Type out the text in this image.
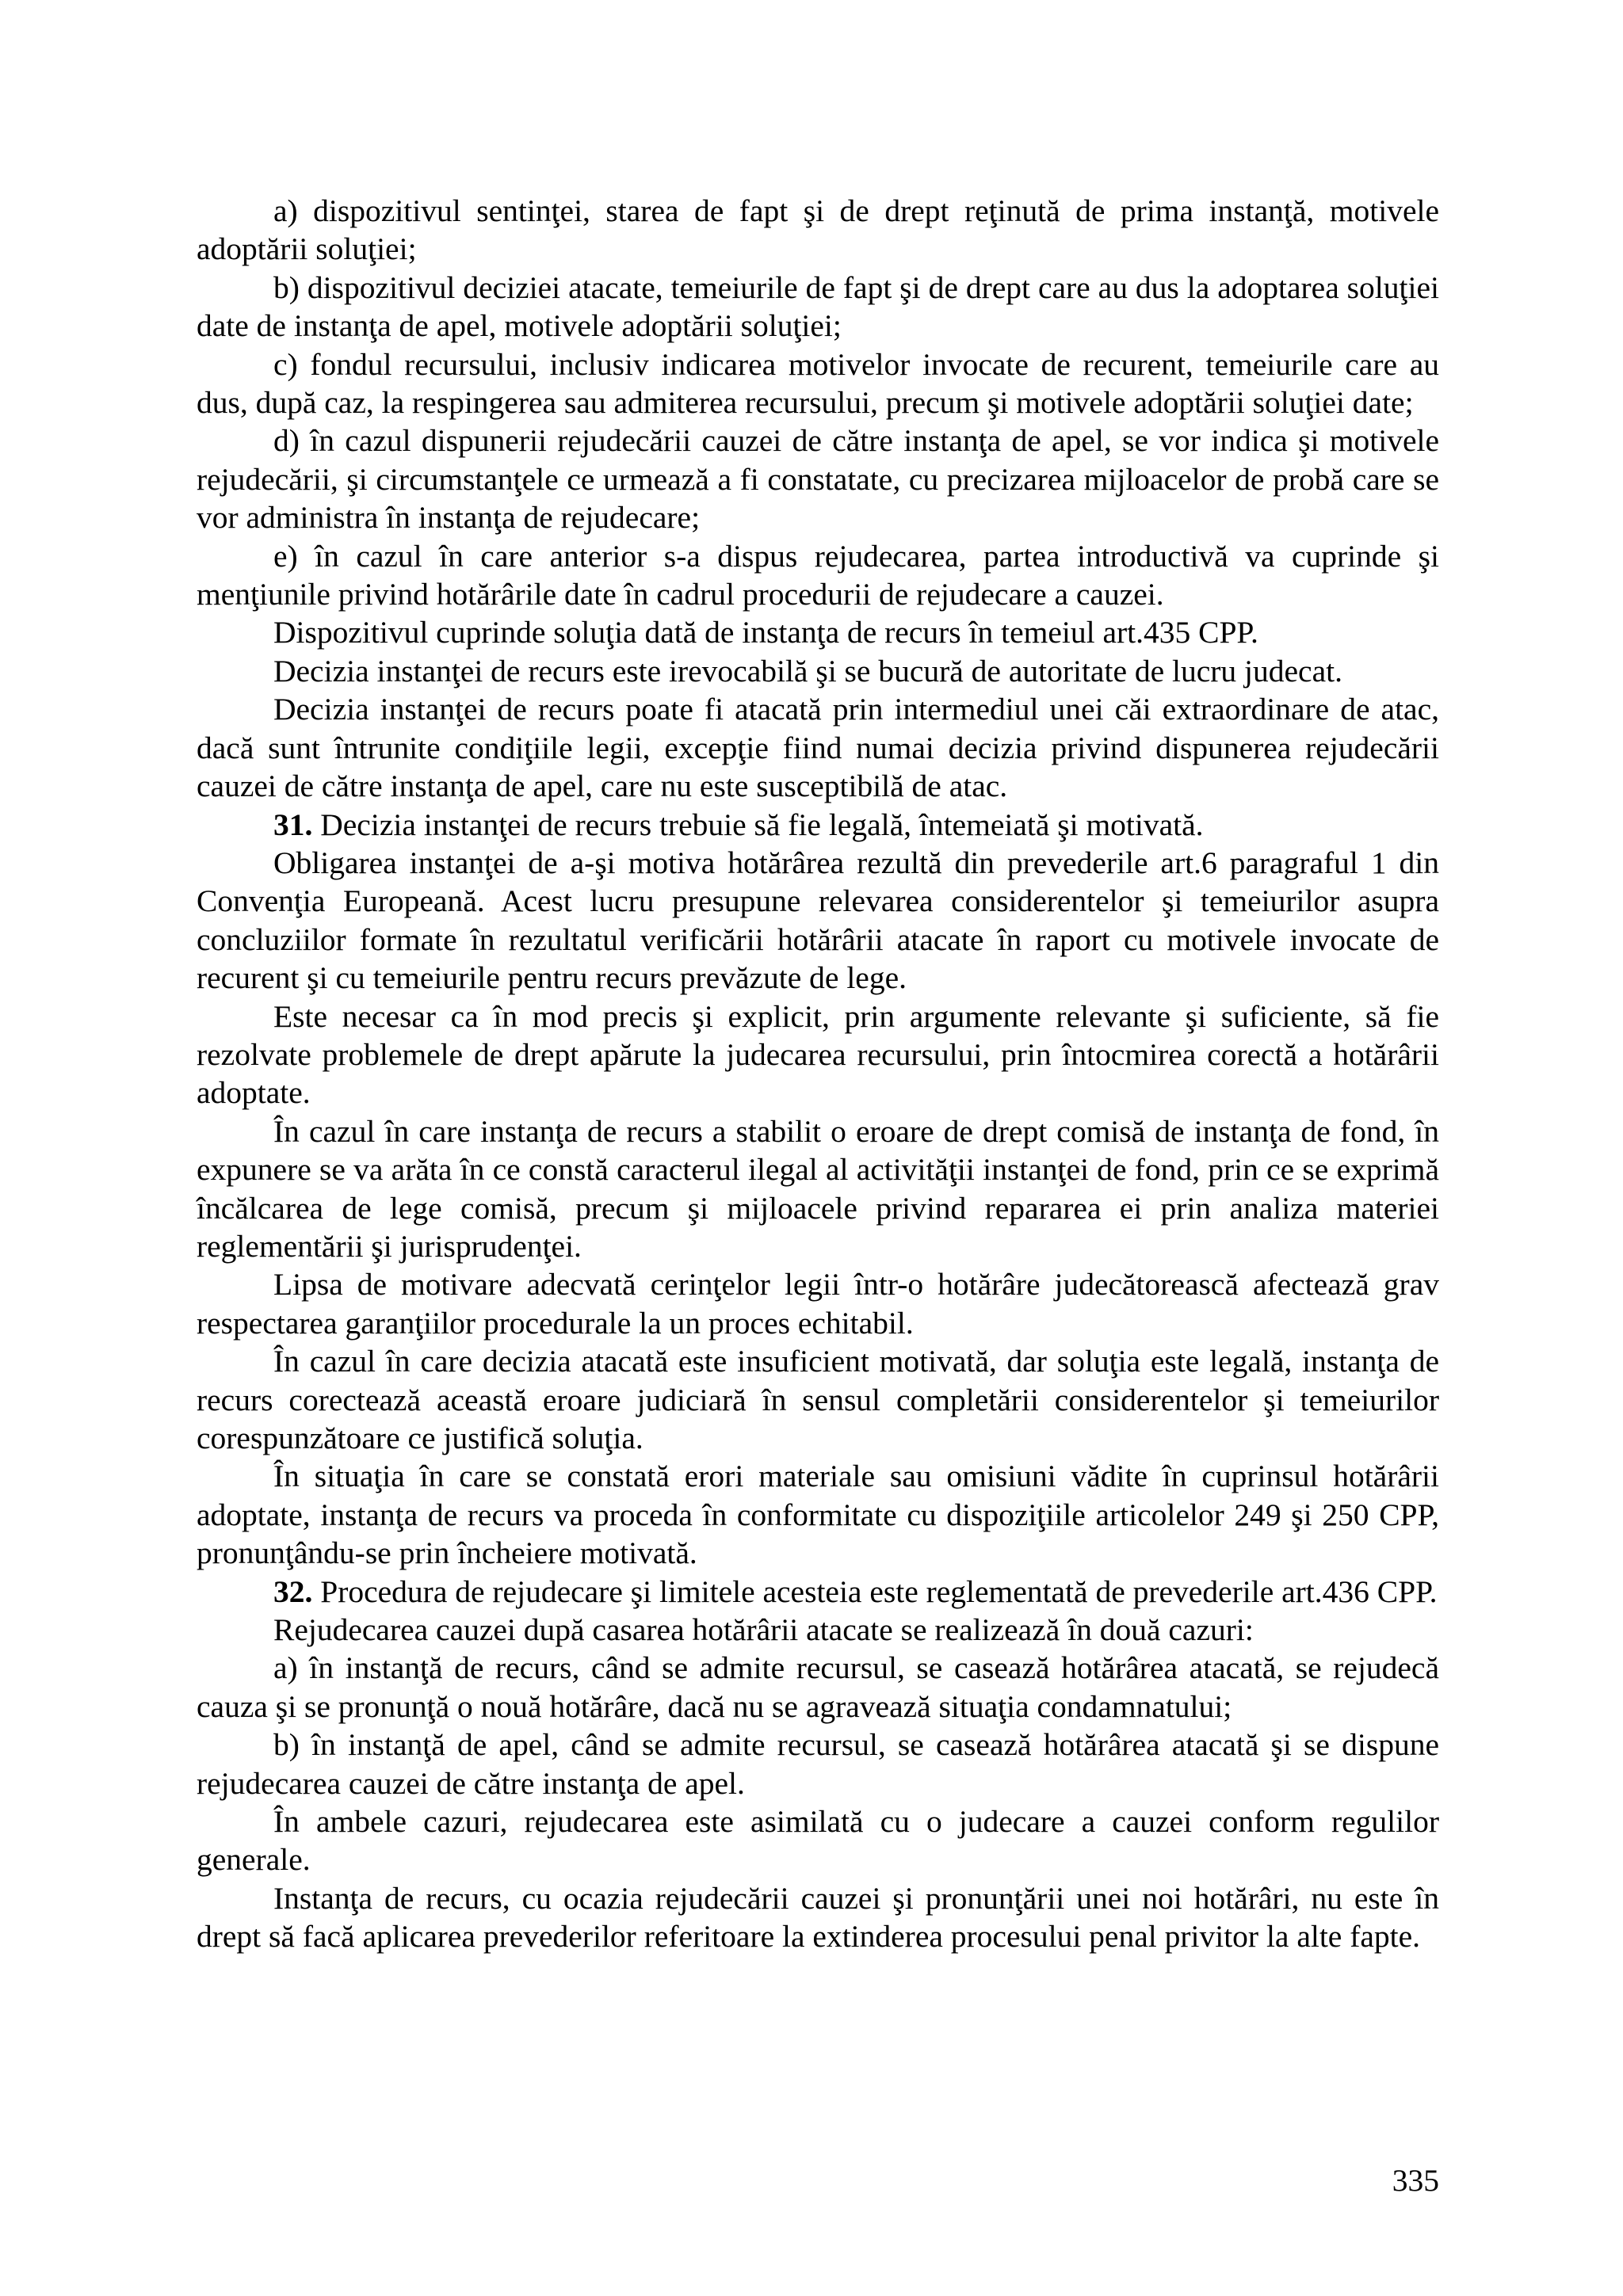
a) dispozitivul sentinţei, starea de fapt şi de drept reţinută de prima instanţă, motivele adoptării soluţiei;

b) dispozitivul deciziei atacate, temeiurile de fapt şi de drept care au dus la adoptarea soluţiei date de instanţa de apel, motivele adoptării soluţiei;

c) fondul recursului, inclusiv indicarea motivelor invocate de recurent, temeiurile care au dus, după caz, la respingerea sau admiterea recursului, precum şi motivele adoptării soluţiei date;

d) în cazul dispunerii rejudecării cauzei de către instanţa de apel, se vor indica şi motivele rejudecării, şi circumstanţele ce urmează a fi constatate, cu precizarea mijloacelor de probă care se vor administra în instanţa de rejudecare;

e) în cazul în care anterior s-a dispus rejudecarea, partea introductivă va cuprinde şi menţiunile privind hotărârile date în cadrul procedurii de rejudecare a cauzei.

Dispozitivul cuprinde soluţia dată de instanţa de recurs în temeiul art.435 CPP.

Decizia instanţei de recurs este irevocabilă şi se bucură de autoritate de lucru judecat.

Decizia instanţei de recurs poate fi atacată prin intermediul unei căi extraordinare de atac, dacă sunt întrunite condiţiile legii, excepţie fiind numai decizia privind dispunerea rejudecării cauzei de către instanţa de apel, care nu este susceptibilă de atac.

31. Decizia instanţei de recurs trebuie să fie legală, întemeiată şi motivată.

Obligarea instanţei de a-şi motiva hotărârea rezultă din prevederile art.6 paragraful 1 din Convenţia Europeană. Acest lucru presupune relevarea considerentelor şi temeiurilor asupra concluziilor formate în rezultatul verificării hotărârii atacate în raport cu motivele invocate de recurent şi cu temeiurile pentru recurs prevăzute de lege.

Este necesar ca în mod precis şi explicit, prin argumente relevante şi suficiente, să fie rezolvate problemele de drept apărute la judecarea recursului, prin întocmirea corectă a hotărârii adoptate.

În cazul în care instanţa de recurs a stabilit o eroare de drept comisă de instanţa de fond, în expunere se va arăta în ce constă caracterul ilegal al activităţii instanţei de fond, prin ce se exprimă încălcarea de lege comisă, precum şi mijloacele privind repararea ei prin analiza materiei reglementării şi jurisprudenţei.

Lipsa de motivare adecvată cerinţelor legii într-o hotărâre judecătorească afectează grav respectarea garanţiilor procedurale la un proces echitabil.

În cazul în care decizia atacată este insuficient motivată, dar soluţia este legală, instanţa de recurs corectează această eroare judiciară în sensul completării considerentelor şi temeiurilor corespunzătoare ce justifică soluţia.

În situaţia în care se constată erori materiale sau omisiuni vădite în cuprinsul hotărârii adoptate, instanţa de recurs va proceda în conformitate cu dispoziţiile articolelor 249 şi 250 CPP, pronunţându-se prin încheiere motivată.

32. Procedura de rejudecare şi limitele acesteia este reglementată de prevederile art.436 CPP.

Rejudecarea cauzei după casarea hotărârii atacate se realizează în două cazuri:

a) în instanţă de recurs, când se admite recursul, se casează hotărârea atacată, se rejudecă cauza şi se pronunţă o nouă hotărâre, dacă nu se agravează situaţia condamnatului;

b) în instanţă de apel, când se admite recursul, se casează hotărârea atacată şi se dispune rejudecarea cauzei de către instanţa de apel.

În ambele cazuri, rejudecarea este asimilată cu o judecare a cauzei conform regulilor generale.

Instanţa de recurs, cu ocazia rejudecării cauzei şi pronunţării unei noi hotărâri, nu este în drept să facă aplicarea prevederilor referitoare la extinderea procesului penal privitor la alte fapte.

335
